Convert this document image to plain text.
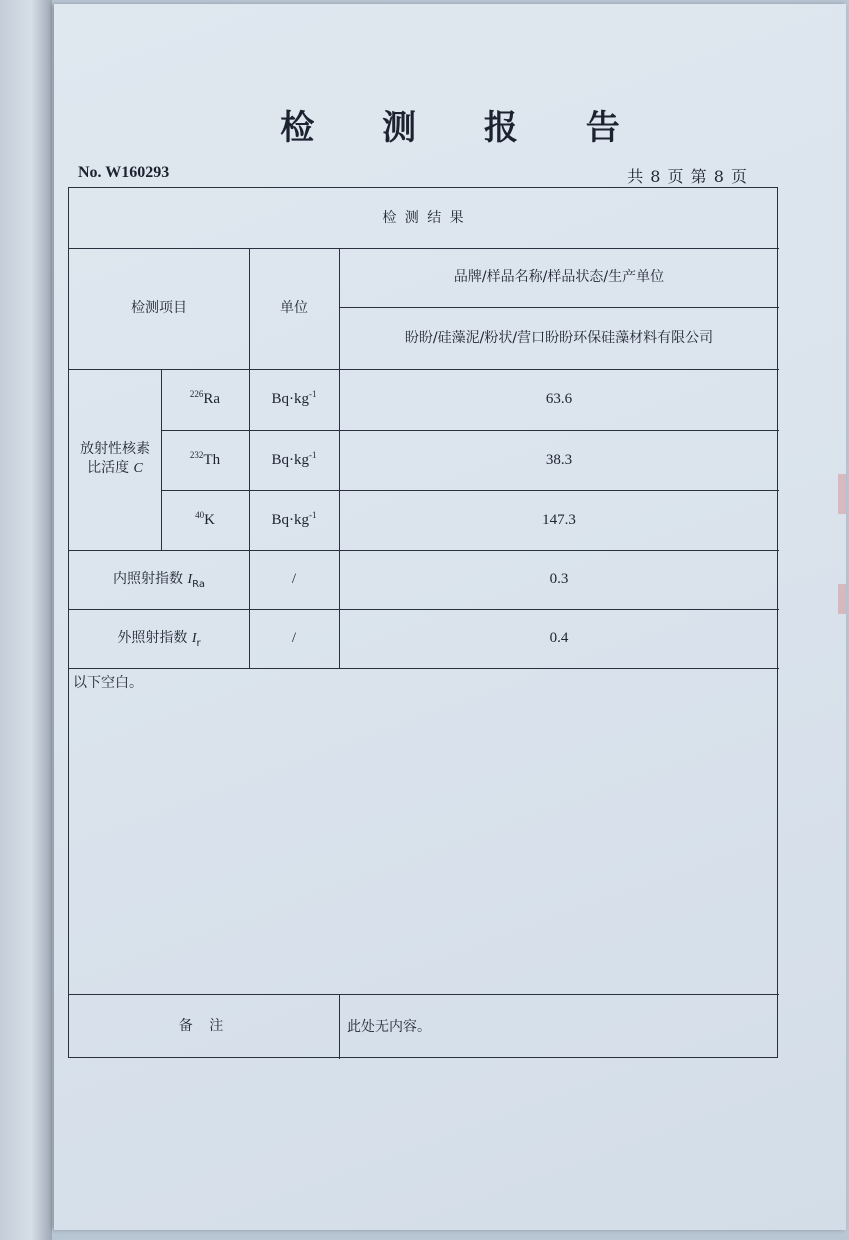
检 测 报 告
No. W160293	共 8 页 第 8 页
检 测 结 果
检测项目	单位
品牌/样品名称/样品状态/生产单位
盼盼/硅藻泥/粉状/营口盼盼环保硅藻材料有限公司
放射性核素
比活度 C
$^{226}$Ra	$Bq\cdot kg^{-1}$	63.6
$^{232}$Th	$Bq\cdot kg^{-1}$	38.3
$^{40}$K	$Bq\cdot kg^{-1}$	147.3
内照射指数 $I_{Ra}$	/	0.3
外照射指数 $I_r$	/	0.4
以下空白。
备 注	此处无内容。
